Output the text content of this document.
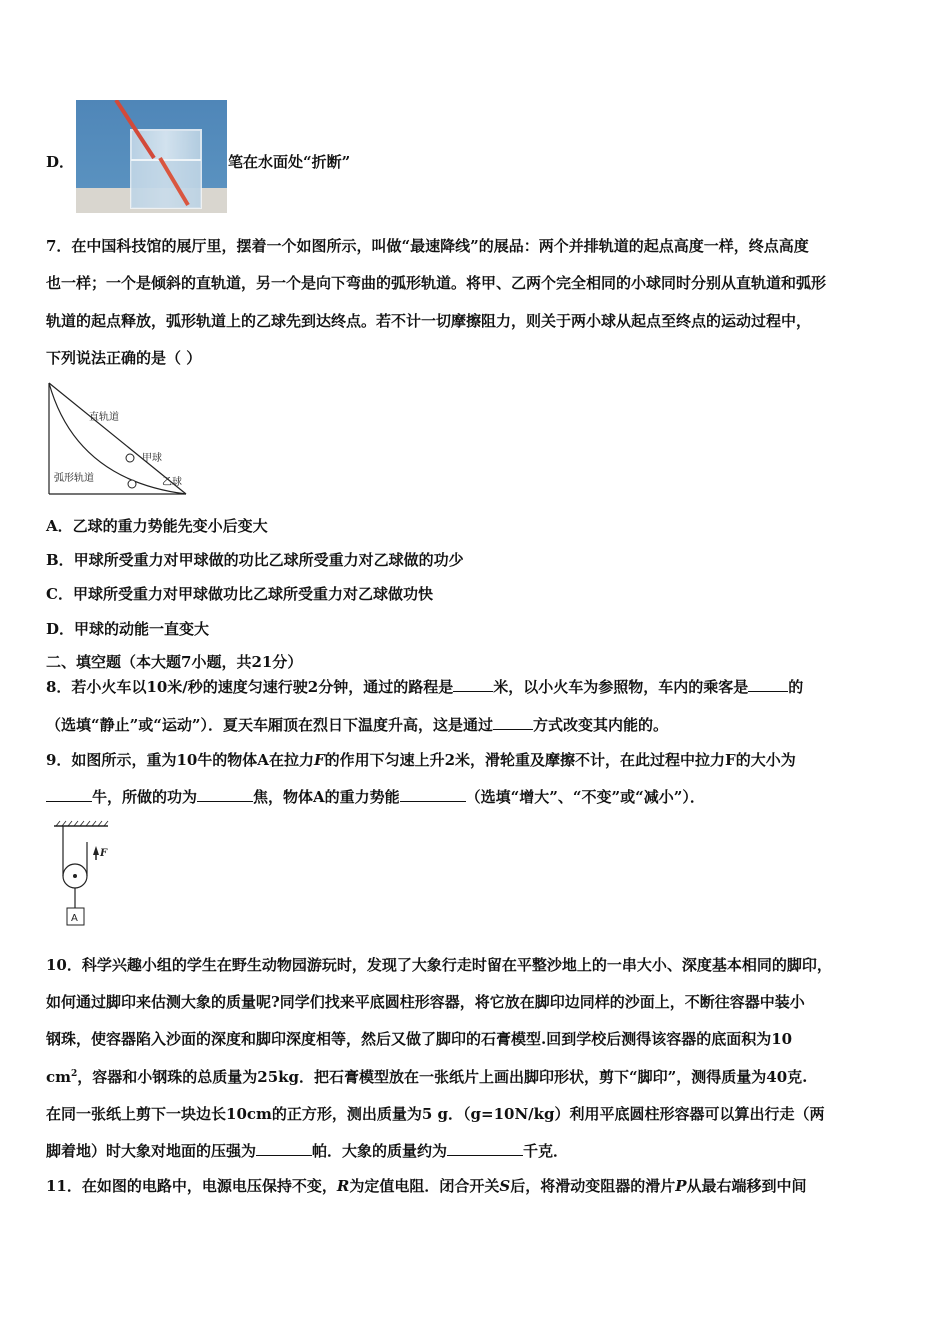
D．	笔在水面处“折断”
7．在中国科技馆的展厅里，摆着一个如图所示，叫做“最速降线”的展品：两个并排轨道的起点高度一样，终点高度
也一样；一个是倾斜的直轨道，另一个是向下弯曲的弧形轨道。将甲、乙两个完全相同的小球同时分别从直轨道和弧形
轨道的起点释放，弧形轨道上的乙球先到达终点。若不计一切摩擦阻力，则关于两小球从起点至终点的运动过程中，
下列说法正确的是（ ）
直轨道
甲球
弧形轨道	乙球
A．乙球的重力势能先变小后变大
B．甲球所受重力对甲球做的功比乙球所受重力对乙球做的功少
C．甲球所受重力对甲球做功比乙球所受重力对乙球做功快
D．甲球的动能一直变大
二、填空题（本大题7小题，共21分）
8．若小火车以10米/秒的速度匀速行驶2分钟，通过的路程是	米，以小火车为参照物，车内的乘客是	的
（选填“静止”或“运动”）．夏天车厢顶在烈日下温度升高，这是通过	方式改变其内能的。
9．如图所示，重为10牛的物体A在拉力F的作用下匀速上升2米，滑轮重及摩擦不计，在此过程中拉力F的大小为
牛，所做的功为	焦，物体A的重力势能	（选填“增大”、“不变”或“减小”）．
F
A
10．科学兴趣小组的学生在野生动物园游玩时，发现了大象行走时留在平整沙地上的一串大小、深度基本相同的脚印，
如何通过脚印来估测大象的质量呢?同学们找来平底圆柱形容器，将它放在脚印边同样的沙面上，不断往容器中装小
钢珠，使容器陷入沙面的深度和脚印深度相等，然后又做了脚印的石膏模型.回到学校后测得该容器的底面积为10
$cm^2$，容器和小钢珠的总质量为25kg．把石膏模型放在一张纸片上画出脚印形状，剪下“脚印”，测得质量为40克.
在同一张纸上剪下一块边长10cm的正方形，测出质量为5 g．（g=10N/kg）利用平底圆柱形容器可以算出行走（两
脚着地）时大象对地面的压强为	帕．大象的质量约为	千克．
11．在如图的电路中，电源电压保持不变，R为定值电阻．闭合开关S后，将滑动变阻器的滑片P从最右端移到中间
